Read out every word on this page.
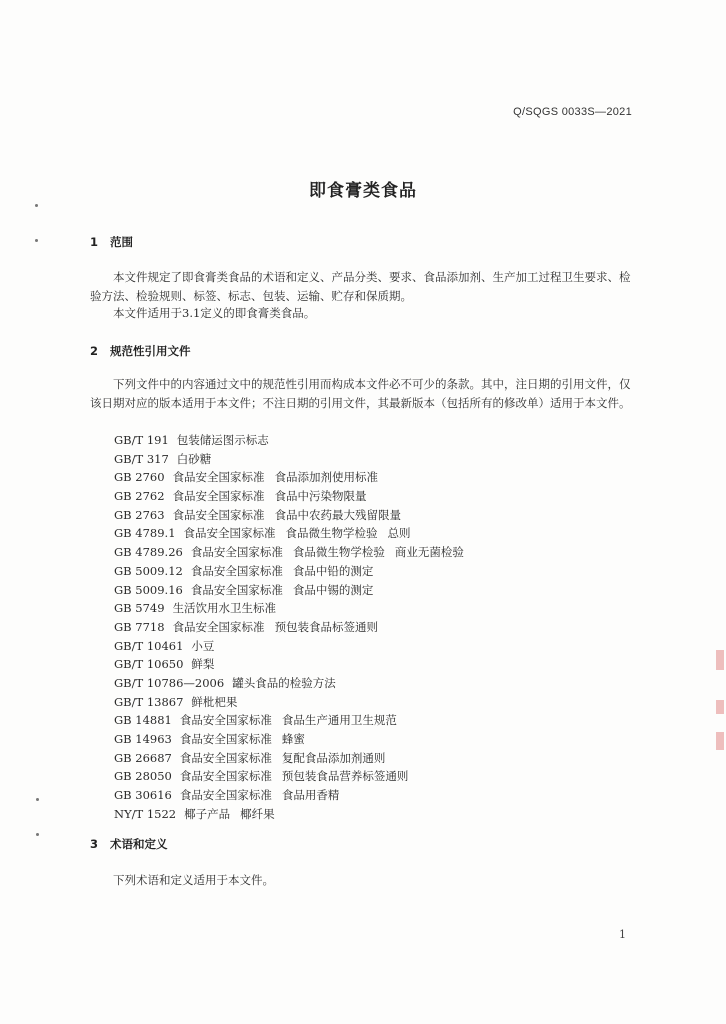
Q/SQGS 0033S—2021
即食膏类食品
1 范围
本文件规定了即食膏类食品的术语和定义、产品分类、要求、食品添加剂、生产加工过程卫生要求、检验方法、检验规则、标签、标志、包装、运输、贮存和保质期。
本文件适用于3.1定义的即食膏类食品。
2 规范性引用文件
下列文件中的内容通过文中的规范性引用而构成本文件必不可少的条款。其中，注日期的引用文件，仅该日期对应的版本适用于本文件；不注日期的引用文件，其最新版本（包括所有的修改单）适用于本文件。
GB/T 191 包装储运图示标志
GB/T 317 白砂糖
GB 2760 食品安全国家标准 食品添加剂使用标准
GB 2762 食品安全国家标准 食品中污染物限量
GB 2763 食品安全国家标准 食品中农药最大残留限量
GB 4789.1 食品安全国家标准 食品微生物学检验 总则
GB 4789.26 食品安全国家标准 食品微生物学检验 商业无菌检验
GB 5009.12 食品安全国家标准 食品中铅的测定
GB 5009.16 食品安全国家标准 食品中锡的测定
GB 5749 生活饮用水卫生标准
GB 7718 食品安全国家标准 预包装食品标签通则
GB/T 10461 小豆
GB/T 10650 鲜梨
GB/T 10786—2006 罐头食品的检验方法
GB/T 13867 鲜枇杷果
GB 14881 食品安全国家标准 食品生产通用卫生规范
GB 14963 食品安全国家标准 蜂蜜
GB 26687 食品安全国家标准 复配食品添加剂通则
GB 28050 食品安全国家标准 预包装食品营养标签通则
GB 30616 食品安全国家标准 食品用香精
NY/T 1522 椰子产品 椰纤果
3 术语和定义
下列术语和定义适用于本文件。
1
